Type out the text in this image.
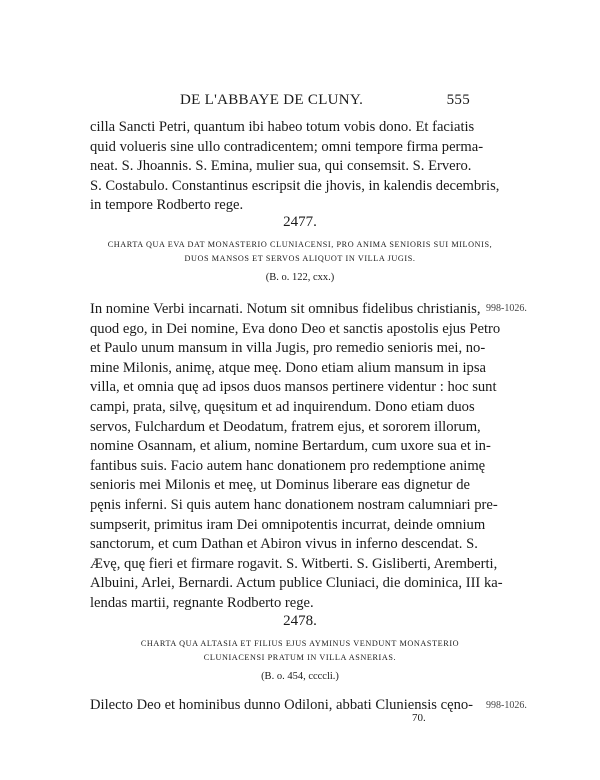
DE L'ABBAYE DE CLUNY.	555

cilla Sancti Petri, quantum ibi habeo totum vobis dono. Et faciatis
quid volueris sine ullo contradicentem; omni tempore firma perma-
neat. S. Jhoannis. S. Emina, mulier sua, qui consemsit. S. Ervero.
S. Costabulo. Constantinus escripsit die jhovis, in kalendis decembris,
in tempore Rodberto rege.

2477.
CHARTA QUA EVA DAT MONASTERIO CLUNIACENSI, PRO ANIMA SENIORIS SUI MILONIS,
DUOS MANSOS ET SERVOS ALIQUOT IN VILLA JUGIS.
(B. o. 122, cxx.)
998-1026.

In nomine Verbi incarnati. Notum sit omnibus fidelibus christianis,
quod ego, in Dei nomine, Eva dono Deo et sanctis apostolis ejus Petro
et Paulo unum mansum in villa Jugis, pro remedio senioris mei, no-
mine Milonis, animę, atque meę. Dono etiam alium mansum in ipsa
villa, et omnia quę ad ipsos duos mansos pertinere videntur : hoc sunt
campi, prata, silvę, quęsitum et ad inquirendum. Dono etiam duos
servos, Fulchardum et Deodatum, fratrem ejus, et sororem illorum,
nomine Osannam, et alium, nomine Bertardum, cum uxore sua et in-
fantibus suis. Facio autem hanc donationem pro redemptione animę
senioris mei Milonis et meę, ut Dominus liberare eas dignetur de
pęnis inferni. Si quis autem hanc donationem nostram calumniari pre-
sumpserit, primitus iram Dei omnipotentis incurrat, deinde omnium
sanctorum, et cum Dathan et Abiron vivus in inferno descendat. S.
Ævę, quę fieri et firmare rogavit. S. Witberti. S. Gisliberti, Aremberti,
Albuini, Arlei, Bernardi. Actum publice Cluniaci, die dominica, III ka-
lendas martii, regnante Rodberto rege.

2478.
CHARTA QUA ALTASIA ET FILIUS EJUS AYMINUS VENDUNT MONASTERIO
CLUNIACENSI PRATUM IN VILLA ASNERIAS.
(B. o. 454, ccccli.)
998-1026.

Dilecto Deo et hominibus dunno Odiloni, abbati Cluniensis cęno-

70.
